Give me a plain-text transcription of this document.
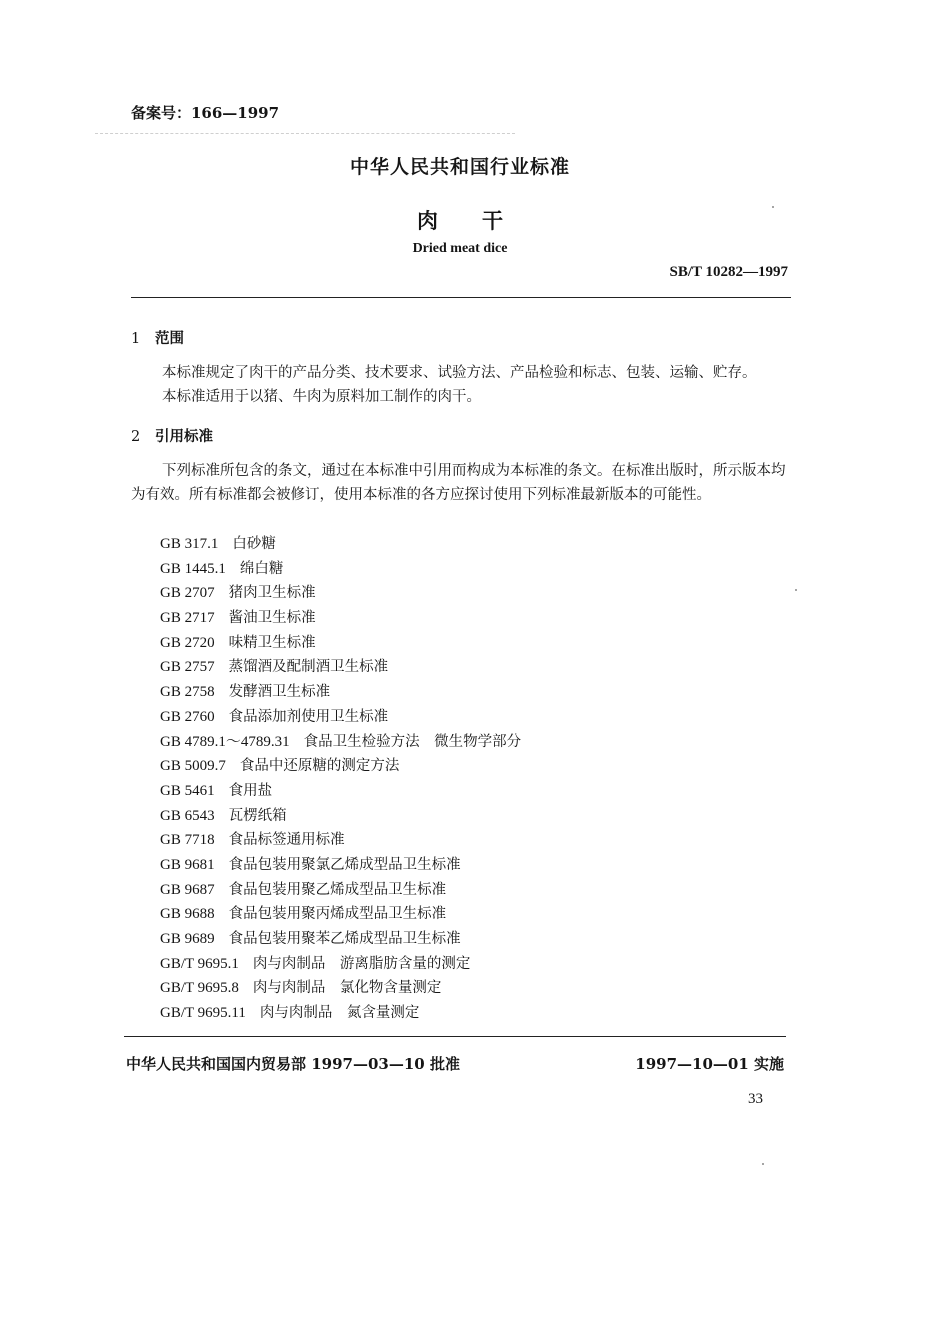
备案号：166—1997
中华人民共和国行业标准
肉 干
Dried meat dice
SB/T 10282—1997
1 范围
本标准规定了肉干的产品分类、技术要求、试验方法、产品检验和标志、包装、运输、贮存。
本标准适用于以猪、牛肉为原料加工制作的肉干。
2 引用标准
下列标准所包含的条文，通过在本标准中引用而构成为本标准的条文。在标准出版时，所示版本均为有效。所有标准都会被修订，使用本标准的各方应探讨使用下列标准最新版本的可能性。
GB 317.1 白砂糖
GB 1445.1 绵白糖
GB 2707 猪肉卫生标准
GB 2717 酱油卫生标准
GB 2720 味精卫生标准
GB 2757 蒸馏酒及配制酒卫生标准
GB 2758 发酵酒卫生标准
GB 2760 食品添加剂使用卫生标准
GB 4789.1～4789.31 食品卫生检验方法　微生物学部分
GB 5009.7 食品中还原糖的测定方法
GB 5461 食用盐
GB 6543 瓦楞纸箱
GB 7718 食品标签通用标准
GB 9681 食品包装用聚氯乙烯成型品卫生标准
GB 9687 食品包装用聚乙烯成型品卫生标准
GB 9688 食品包装用聚丙烯成型品卫生标准
GB 9689 食品包装用聚苯乙烯成型品卫生标准
GB/T 9695.1 肉与肉制品　游离脂肪含量的测定
GB/T 9695.8 肉与肉制品　氯化物含量测定
GB/T 9695.11 肉与肉制品　氮含量测定
中华人民共和国国内贸易部 1997—03—10 批准	1997—10—01 实施
33
